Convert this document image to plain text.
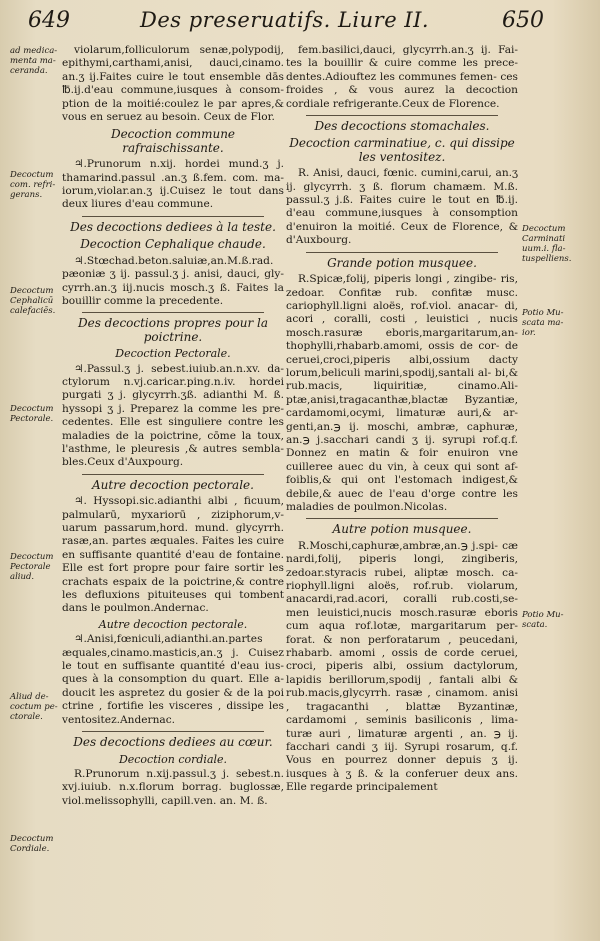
649	Des preseruatifs. Liure II.	650
ad medica- menta ma- ceranda.
Decoctum com. refri- gerans.
Decoctum Cephalicū calefaciēs.
Decoctum Pectorale.
Decoctum Pectorale aliud.
Aliud de- coctum pe- ctorale.
Decoctum Cordiale.
Decoctum Carminati uum.i. fla- tuspelliens.
Potio Mu- scata ma- ior.
Potio Mu- scata.

violarum,folliculorum senæ,polypodij, epithymi,carthami,anisi, dauci,cinamo. an.ʒ ij.Faites cuire le tout ensemble dās ℔.ij.d'eau commune,iusques à consom- ption de la moitié:coulez le par apres,& vous en seruez au besoin. Ceux de Flor.

Decoction commune rafraischissante.

♃.Prunorum n.xij. hordei mund.ʒ j. thamarind.passul .an.ʒ ß.fem. com. ma- iorum,violar.an.ʒ ij.Cuisez le tout dans deux liures d'eau commune.

Des decoctions dediees à la teste.
Decoction Cephalique chaude.

♃.Stœchad.beton.saluiæ,an.M.ß.rad. pæoniæ ʒ ij. passul.ʒ j. anisi, dauci, gly- cyrrh.an.ʒ iij.nucis mosch.ʒ ß. Faites la bouillir comme la precedente.

Des decoctions propres pour la poictrine.
Decoction Pectorale.

♃.Passul.ʒ j. sebest.iuiub.an.n.xv. da- ctylorum n.vj.caricar.ping.n.iv. hordei purgati ʒ j. glycyrrh.ʒß. adianthi M. ß. hyssopi ʒ j. Preparez la comme les pre- cedentes. Elle est singuliere contre les maladies de la poictrine, cōme la toux, l'asthme, le pleuresis ,& autres sembla- bles.Ceux d'Auxpourg.

Autre decoction pectorale.

♃. Hyssopi.sic.adianthi albi , ficuum, palmularū, myxariorū , ziziphorum,v- uarum passarum,hord. mund. glycyrrh. rasæ,an. partes æquales. Faites les cuire en suffisante quantité d'eau de fontaine. Elle est fort propre pour faire sortir les crachats espaix de la poictrine,& contre les defluxions pituiteuses qui tombent dans le poulmon.Andernac.

Autre decoction pectorale.

♃.Anisi,fœniculi,adianthi.an.partes æquales,cinamo.masticis,an.ʒ j. Cuisez le tout en suffisante quantité d'eau ius- ques à la consomption du quart. Elle a- doucit les aspretez du gosier & de la poi ctrine , fortifie les visceres , dissipe les ventositez.Andernac.

Des decoctions dediees au cœur.
Decoction cordiale.

R.Prunorum n.xij.passul.ʒ j. sebest.n. xvj.iuiub. n.x.florum borrag. buglossæ, viol.melissophylli, capill.ven. an. M. ß.

fem.basilici,dauci, glycyrrh.an.ʒ ij. Fai- tes la bouillir & cuire comme les prece- dentes.Adiouftez les communes femen- ces froides , & vous aurez la decoction cordiale refrigerante.Ceux de Florence.

Des decoctions stomachales.
Decoction carminatiue, c. qui dissipe les ventositez.

R. Anisi, dauci, fœnic. cumini,carui, an.ʒ ij. glycyrrh. ʒ ß. florum chamæm. M.ß. passul.ʒ j.ß. Faites cuire le tout en ℔.ij. d'eau commune,iusques à consomption d'enuiron la moitié. Ceux de Florence, & d'Auxbourg.

Grande potion musquee.

R.Spicæ,folij, piperis longi , zingibe- ris, zedoar. Confitæ rub. confitæ musc. cariophyll.ligni aloës, rof.viol. anacar- di, acori , coralli, costi , leuistici , nucis mosch.rasuræ eboris,margaritarum,an- thophylli,rhabarb.amomi, ossis de cor- de ceruei,croci,piperis albi,ossium dacty lorum,beliculi marini,spodij,santali al- bi,& rub.macis, liquiritiæ, cinamo.Ali- ptæ,anisi,tragacanthæ,blactæ Byzantiæ, cardamomi,ocymi, limaturæ auri,& ar- genti,an.℈ ij. moschi, ambræ, caphuræ, an.℈ j.sacchari candi ʒ ij. syrupi rof.q.f. Donnez en matin & foir enuiron vne cuilleree auec du vin, à ceux qui sont af- foiblis,& qui ont l'estomach indigest,& debile,& auec de l'eau d'orge contre les maladies de poulmon.Nicolas.

Autre potion musquee.

R.Moschi,caphuræ,ambræ,an.℈ j.spi- cæ nardi,folij, piperis longi, zingiberis, zedoar.styracis rubei, aliptæ mosch. ca- riophyll.ligni aloës, rof.rub. violarum, anacardi,rad.acori, coralli rub.costi,se- men leuistici,nucis mosch.rasuræ eboris cum aqua rof.lotæ, margaritarum per- forat. & non perforatarum , peucedani, rhabarb. amomi , ossis de corde ceruei, croci, piperis albi, ossium dactylorum, lapidis berillorum,spodij , fantali albi & rub.macis,glycyrrh. rasæ , cinamom. anisi , tragacanthi , blattæ Byzantinæ, cardamomi , seminis basiliconis , lima- turæ auri , limaturæ argenti , an. ℈ ij. facchari candi ʒ iij. Syrupi rosarum, q.f. Vous en pourrez donner depuis ʒ ij. iusques à ʒ ß. & la conferuer deux ans. Elle regarde principalement
